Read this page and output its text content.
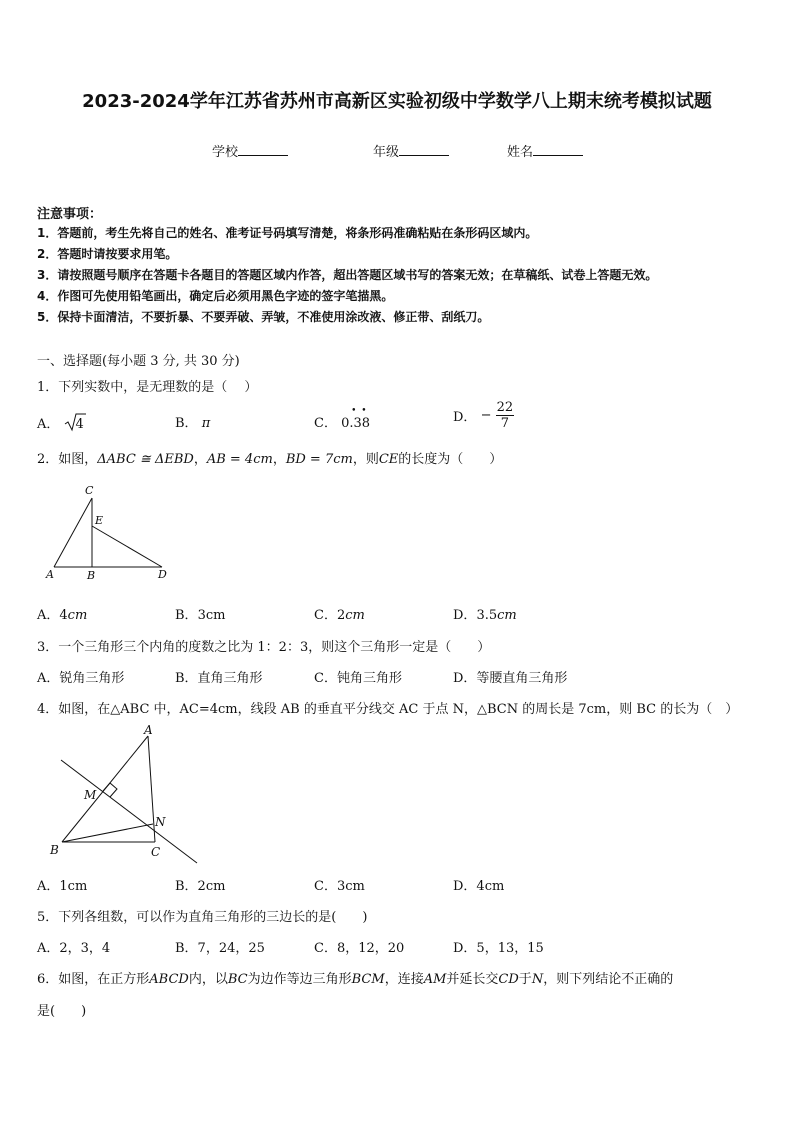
2023-2024学年江苏省苏州市高新区实验初级中学数学八上期末统考模拟试题
学校	年级	姓名
注意事项：
1．答题前，考生先将自己的姓名、准考证号码填写清楚，将条形码准确粘贴在条形码区域内。
2．答题时请按要求用笔。
3．请按照题号顺序在答题卡各题目的答题区域内作答，超出答题区域书写的答案无效；在草稿纸、试卷上答题无效。
4．作图可先使用铅笔画出，确定后必须用黑色字迹的签字笔描黑。
5．保持卡面清洁，不要折暴、不要弄破、弄皱，不准使用涂改液、修正带、刮纸刀。
一、选择题(每小题 3 分, 共 30 分)
1．下列实数中，是无理数的是（　 ）
A． 4	B． π	C．
• •
0.38	D． − $\frac{22}{7}$
2．如图，ΔABC ≅ ΔEBD，AB = 4cm，BD = 7cm，则CE的长度为（　　）
C
E
A	B	D
A．4cm	B．3cm	C．2cm	D．3.5cm
3．一个三角形三个内角的度数之比为 1：2：3，则这个三角形一定是（　　）
A．锐角三角形	B．直角三角形	C．钝角三角形	D．等腰直角三角形
4．如图，在△ABC 中，AC=4cm，线段 AB 的垂直平分线交 AC 于点 N，△BCN 的周长是 7cm，则 BC 的长为（　）
A
M
N
B	C
A．1cm	B．2cm	C．3cm	D．4cm
5．下列各组数，可以作为直角三角形的三边长的是(　　)
A．2，3，4	B．7，24，25	C．8，12，20	D．5，13，15
6．如图，在正方形ABCD内，以BC为边作等边三角形BCM，连接AM并延长交CD于N，则下列结论不正确的
是(　　)
